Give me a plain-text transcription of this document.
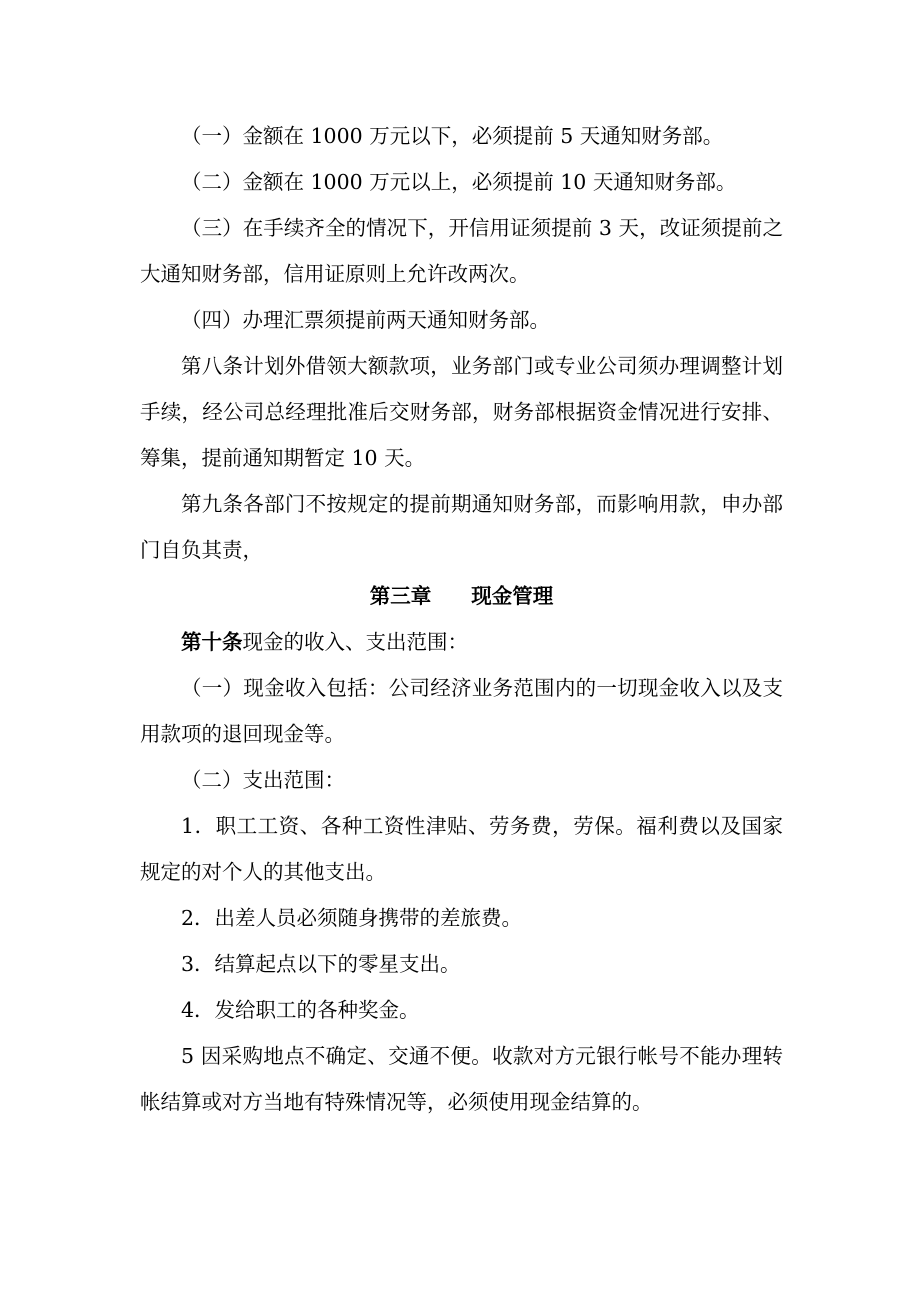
（一）金额在 1000 万元以下，必须提前 5 天通知财务部。

（二）金额在 1000 万元以上，必须提前 10 天通知财务部。

（三）在手续齐全的情况下，开信用证须提前 3 天，改证须提前之大通知财务部，信用证原则上允许改两次。

（四）办理汇票须提前两天通知财务部。

第八条计划外借领大额款项，业务部门或专业公司须办理调整计划手续，经公司总经理批准后交财务部，财务部根据资金情况进行安排、筹集，提前通知期暂定 10 天。

第九条各部门不按规定的提前期通知财务部，而影响用款，申办部门自负其责，

第三章 现金管理

第十条现金的收入、支出范围：

（一）现金收入包括：公司经济业务范围内的一切现金收入以及支用款项的退回现金等。

（二）支出范围：

1．职工工资、各种工资性津贴、劳务费，劳保。福利费以及国家规定的对个人的其他支出。

2．出差人员必须随身携带的差旅费。

3．结算起点以下的零星支出。

4．发给职工的各种奖金。

5 因采购地点不确定、交通不便。收款对方元银行帐号不能办理转帐结算或对方当地有特殊情况等，必须使用现金结算的。
